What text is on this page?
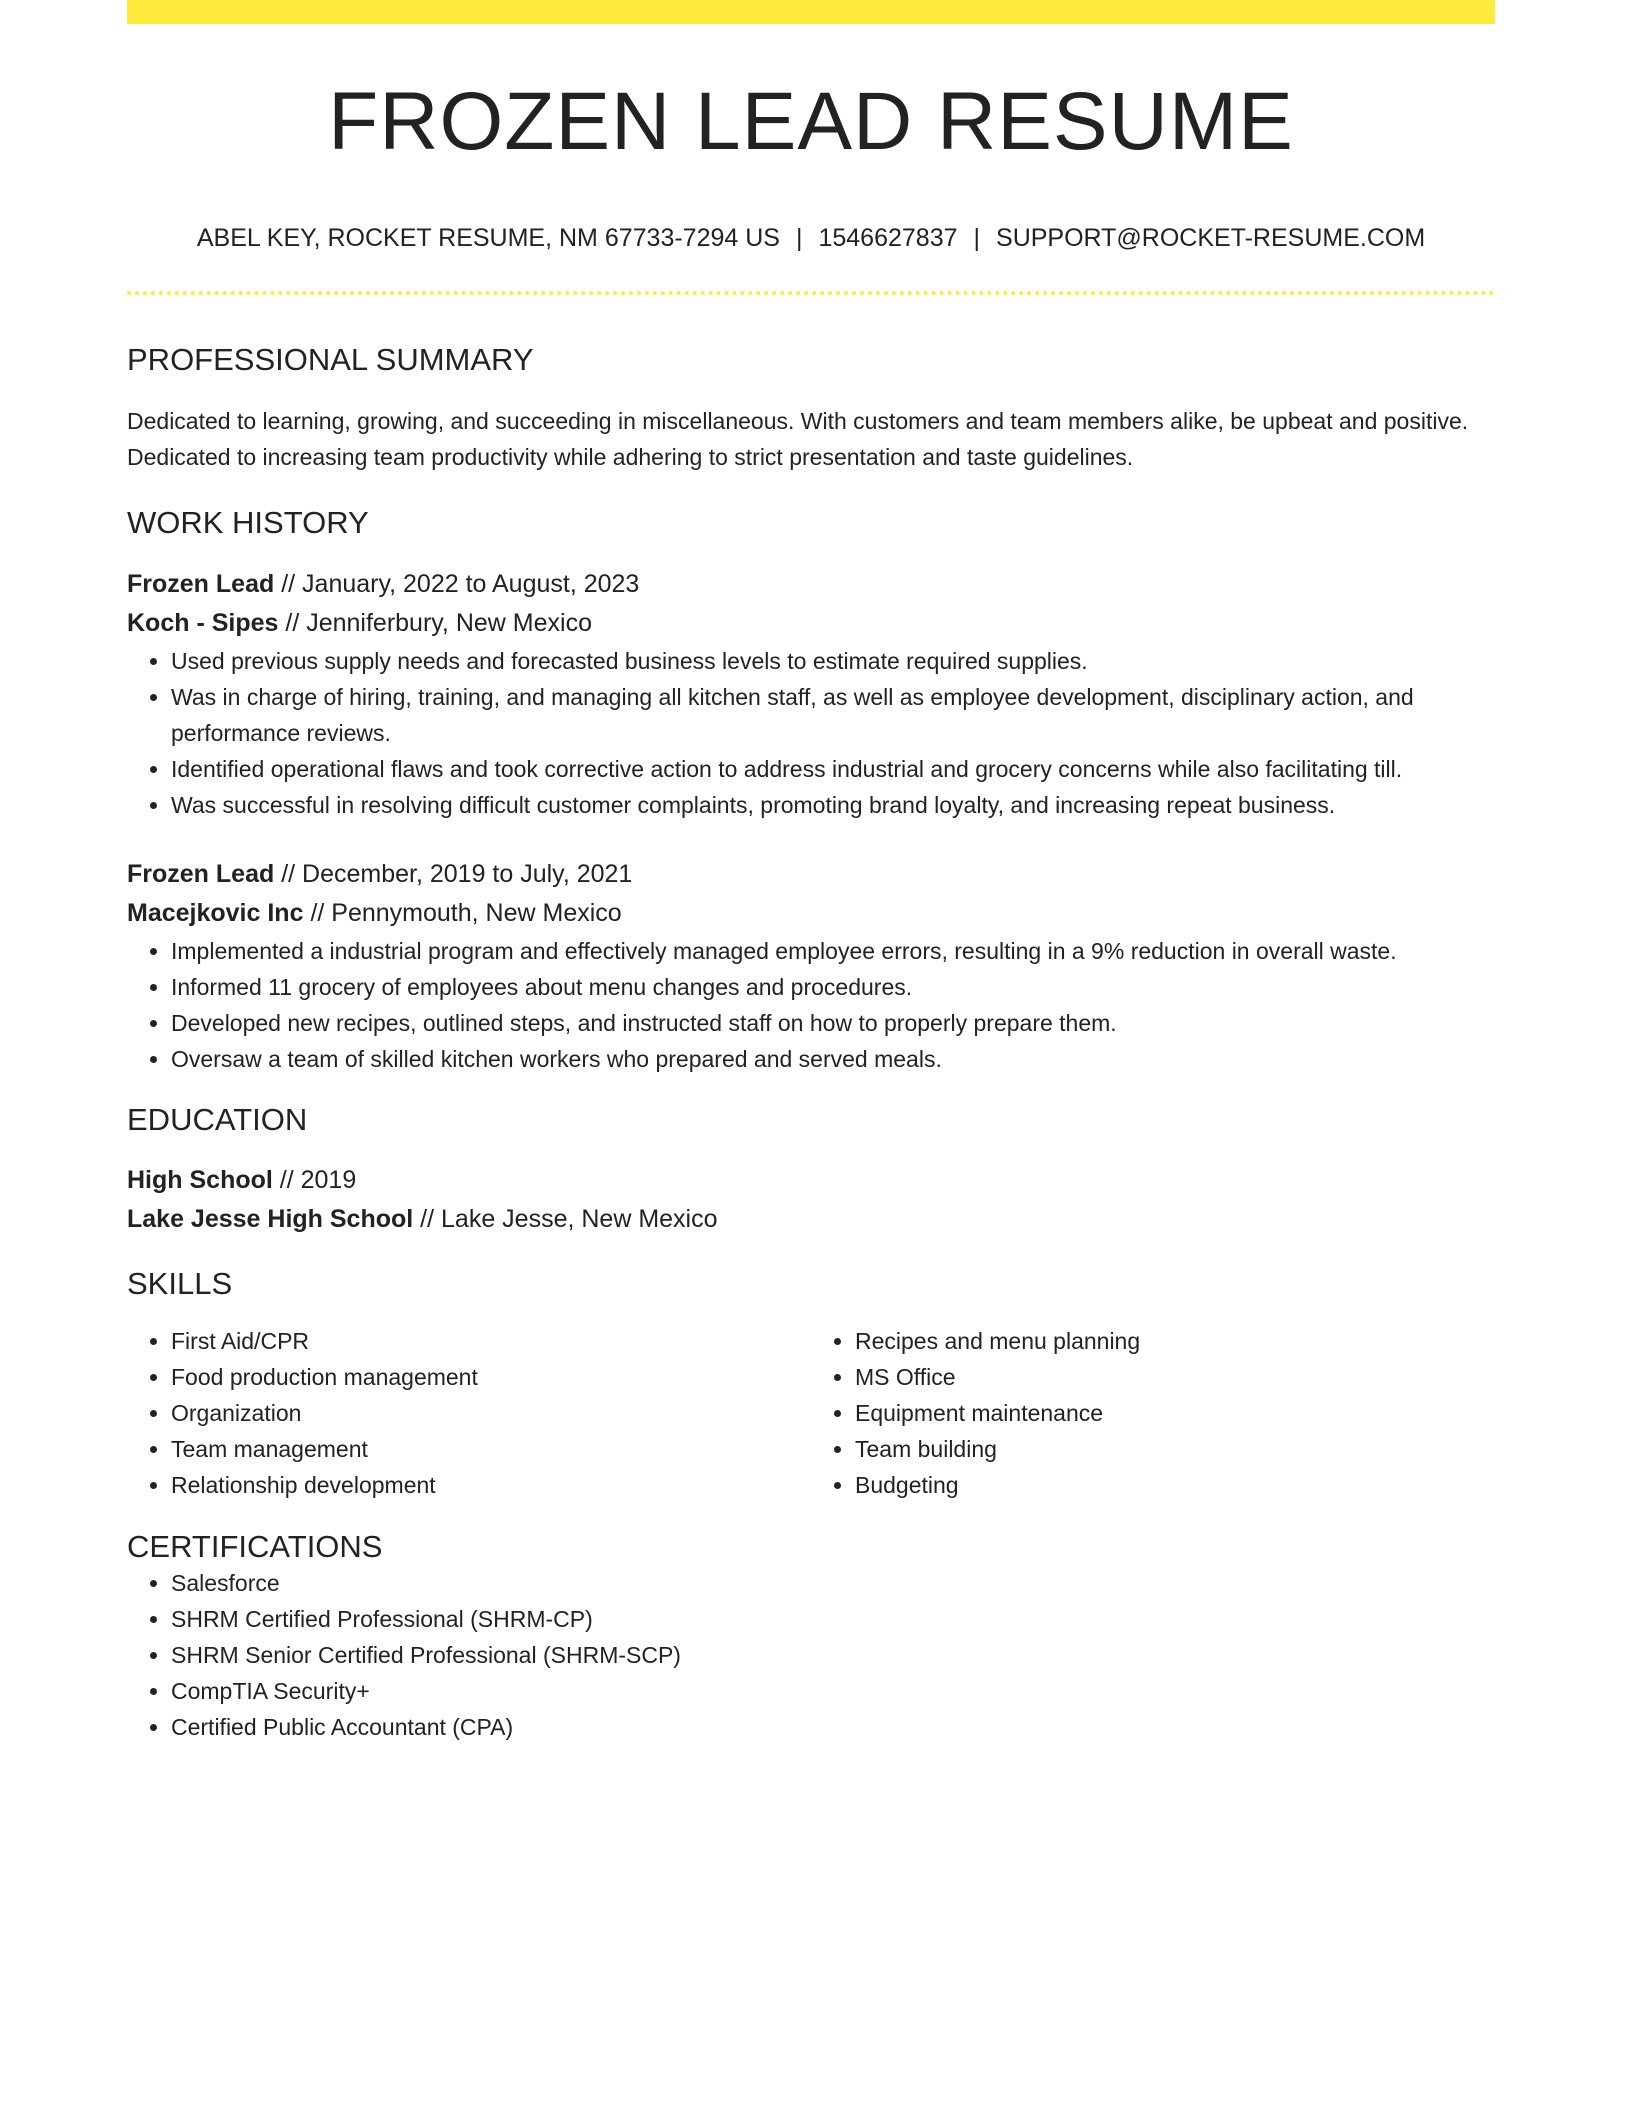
FROZEN LEAD RESUME
ABEL KEY, ROCKET RESUME, NM 67733-7294 US | 1546627837 | SUPPORT@ROCKET-RESUME.COM
PROFESSIONAL SUMMARY
Dedicated to learning, growing, and succeeding in miscellaneous. With customers and team members alike, be upbeat and positive. Dedicated to increasing team productivity while adhering to strict presentation and taste guidelines.
WORK HISTORY
Frozen Lead // January, 2022 to August, 2023
Koch - Sipes // Jenniferbury, New Mexico
• Used previous supply needs and forecasted business levels to estimate required supplies.
• Was in charge of hiring, training, and managing all kitchen staff, as well as employee development, disciplinary action, and performance reviews.
• Identified operational flaws and took corrective action to address industrial and grocery concerns while also facilitating till.
• Was successful in resolving difficult customer complaints, promoting brand loyalty, and increasing repeat business.
Frozen Lead // December, 2019 to July, 2021
Macejkovic Inc // Pennymouth, New Mexico
• Implemented a industrial program and effectively managed employee errors, resulting in a 9% reduction in overall waste.
• Informed 11 grocery of employees about menu changes and procedures.
• Developed new recipes, outlined steps, and instructed staff on how to properly prepare them.
• Oversaw a team of skilled kitchen workers who prepared and served meals.
EDUCATION
High School // 2019
Lake Jesse High School // Lake Jesse, New Mexico
SKILLS
• First Aid/CPR
• Food production management
• Organization
• Team management
• Relationship development
• Recipes and menu planning
• MS Office
• Equipment maintenance
• Team building
• Budgeting
CERTIFICATIONS
• Salesforce
• SHRM Certified Professional (SHRM-CP)
• SHRM Senior Certified Professional (SHRM-SCP)
• CompTIA Security+
• Certified Public Accountant (CPA)
